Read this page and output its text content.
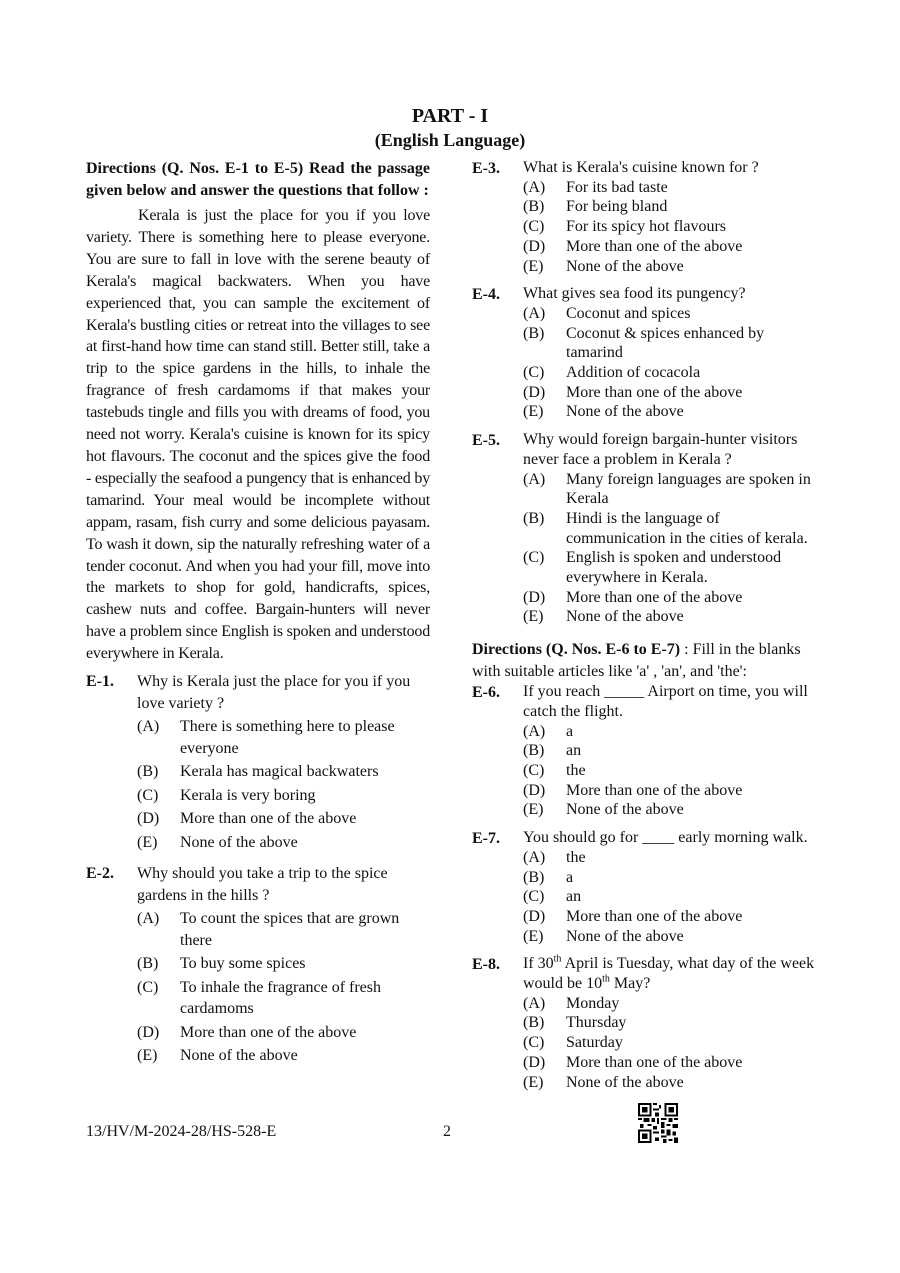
PART - I
(English Language)

Directions (Q. Nos. E-1 to E-5) Read the passage given below and answer the questions that follow :

Kerala is just the place for you if you love variety. There is something here to please everyone. You are sure to fall in love with the serene beauty of Kerala's magical backwaters. When you have experienced that, you can sample the excitement of Kerala's bustling cities or retreat into the villages to see at first-hand how time can stand still. Better still, take a trip to the spice gardens in the hills, to inhale the fragrance of fresh cardamoms if that makes your tastebuds tingle and fills you with dreams of food, you need not worry. Kerala's cuisine is known for its spicy hot flavours. The coconut and the spices give the food - especially the seafood a pungency that is enhanced by tamarind. Your meal would be incomplete without appam, rasam, fish curry and some delicious payasam. To wash it down, sip the naturally refreshing water of a tender coconut. And when you had your fill, move into the markets to shop for gold, handicrafts, spices, cashew nuts and coffee. Bargain-hunters will never have a problem since English is spoken and understood everywhere in Kerala.

E-1.	Why is Kerala just the place for you if you love variety ?

(A)	There is something here to please everyone
(B)	Kerala has magical backwaters
(C)	Kerala is very boring
(D)	More than one of the above
(E)	None of the above
E-2.	Why should you take a trip to the spice gardens in the hills ?

(A)	To count the spices that are grown there
(B)	To buy some spices
(C)	To inhale the fragrance of fresh cardamoms
(D)	More than one of the above
(E)	None of the above
E-3.	What is Kerala's cuisine known for ?

(A)	For its bad taste
(B)	For being bland
(C)	For its spicy hot flavours
(D)	More than one of the above
(E)	None of the above
E-4.	What gives sea food its pungency?

(A)	Coconut and spices
(B)	Coconut & spices enhanced by tamarind
(C)	Addition of cocacola
(D)	More than one of the above
(E)	None of the above
E-5.	Why would foreign bargain-hunter visitors never face a problem in Kerala ?

(A)	Many foreign languages are spoken in Kerala
(B)	Hindi is the language of communication in the cities of kerala.
(C)	English is spoken and understood everywhere in Kerala.
(D)	More than one of the above
(E)	None of the above

Directions (Q. Nos. E-6 to E-7) : Fill in the blanks with suitable articles like 'a' , 'an', and 'the':

E-6.	If you reach _____ Airport on time, you will catch the flight.

(A)	a
(B)	an
(C)	the
(D)	More than one of the above
(E)	None of the above
E-7.	You should go for ____ early morning walk.

(A)	the
(B)	a
(C)	an
(D)	More than one of the above
(E)	None of the above
E-8.	If 30th April is Tuesday, what day of the week would be 10th May?

(A)	Monday
(B)	Thursday
(C)	Saturday
(D)	More than one of the above
(E)	None of the above
13/HV/M-2024-28/HS-528-E	2
